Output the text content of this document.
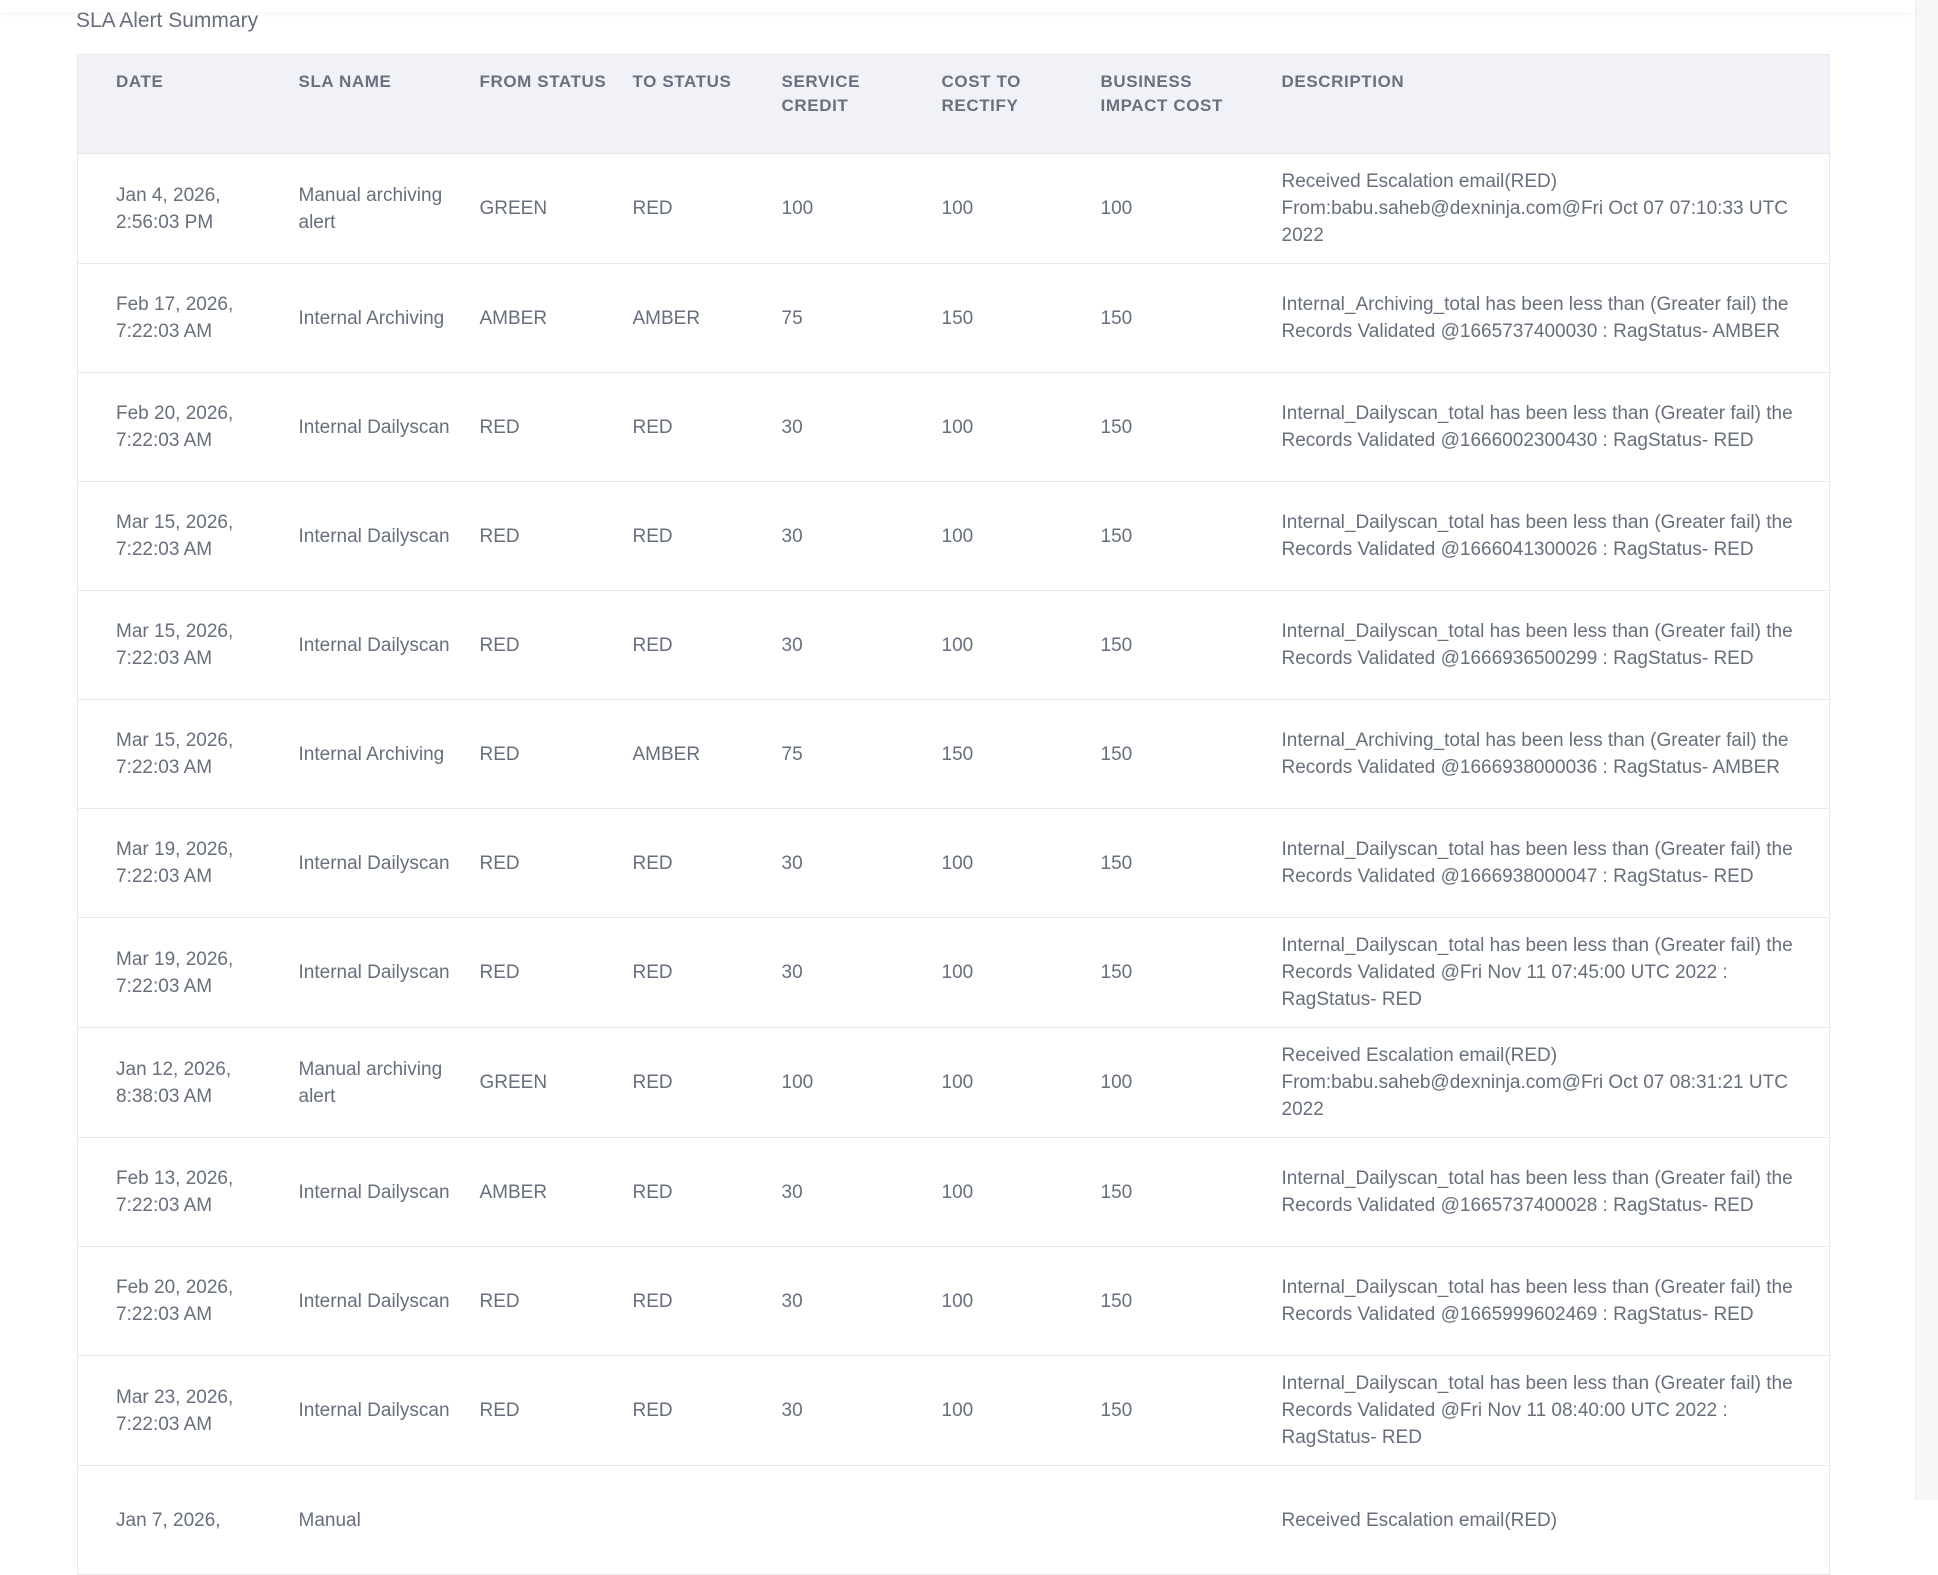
SLA Alert Summary
DATE	SLA NAME	FROM STATUS	TO STATUS	SERVICE CREDIT	COST TO RECTIFY	BUSINESS IMPACT COST	DESCRIPTION
Jan 4, 2026, 2:56:03 PM	Manual archiving alert	GREEN	RED	100	100	100	Received Escalation email(RED) From:babu.saheb@dexninja.com@Fri Oct 07 07:10:33 UTC 2022
Feb 17, 2026, 7:22:03 AM	Internal Archiving	AMBER	AMBER	75	150	150	Internal_Archiving_total has been less than (Greater fail) the Records Validated @1665737400030 : RagStatus- AMBER
Feb 20, 2026, 7:22:03 AM	Internal Dailyscan	RED	RED	30	100	150	Internal_Dailyscan_total has been less than (Greater fail) the Records Validated @1666002300430 : RagStatus- RED
Mar 15, 2026, 7:22:03 AM	Internal Dailyscan	RED	RED	30	100	150	Internal_Dailyscan_total has been less than (Greater fail) the Records Validated @1666041300026 : RagStatus- RED
Mar 15, 2026, 7:22:03 AM	Internal Dailyscan	RED	RED	30	100	150	Internal_Dailyscan_total has been less than (Greater fail) the Records Validated @1666936500299 : RagStatus- RED
Mar 15, 2026, 7:22:03 AM	Internal Archiving	RED	AMBER	75	150	150	Internal_Archiving_total has been less than (Greater fail) the Records Validated @1666938000036 : RagStatus- AMBER
Mar 19, 2026, 7:22:03 AM	Internal Dailyscan	RED	RED	30	100	150	Internal_Dailyscan_total has been less than (Greater fail) the Records Validated @1666938000047 : RagStatus- RED
Mar 19, 2026, 7:22:03 AM	Internal Dailyscan	RED	RED	30	100	150	Internal_Dailyscan_total has been less than (Greater fail) the Records Validated @Fri Nov 11 07:45:00 UTC 2022 : RagStatus- RED
Jan 12, 2026, 8:38:03 AM	Manual archiving alert	GREEN	RED	100	100	100	Received Escalation email(RED) From:babu.saheb@dexninja.com@Fri Oct 07 08:31:21 UTC 2022
Feb 13, 2026, 7:22:03 AM	Internal Dailyscan	AMBER	RED	30	100	150	Internal_Dailyscan_total has been less than (Greater fail) the Records Validated @1665737400028 : RagStatus- RED
Feb 20, 2026, 7:22:03 AM	Internal Dailyscan	RED	RED	30	100	150	Internal_Dailyscan_total has been less than (Greater fail) the Records Validated @1665999602469 : RagStatus- RED
Mar 23, 2026, 7:22:03 AM	Internal Dailyscan	RED	RED	30	100	150	Internal_Dailyscan_total has been less than (Greater fail) the Records Validated @Fri Nov 11 08:40:00 UTC 2022 : RagStatus- RED
Jan 7, 2026,	Manual						Received Escalation email(RED)
